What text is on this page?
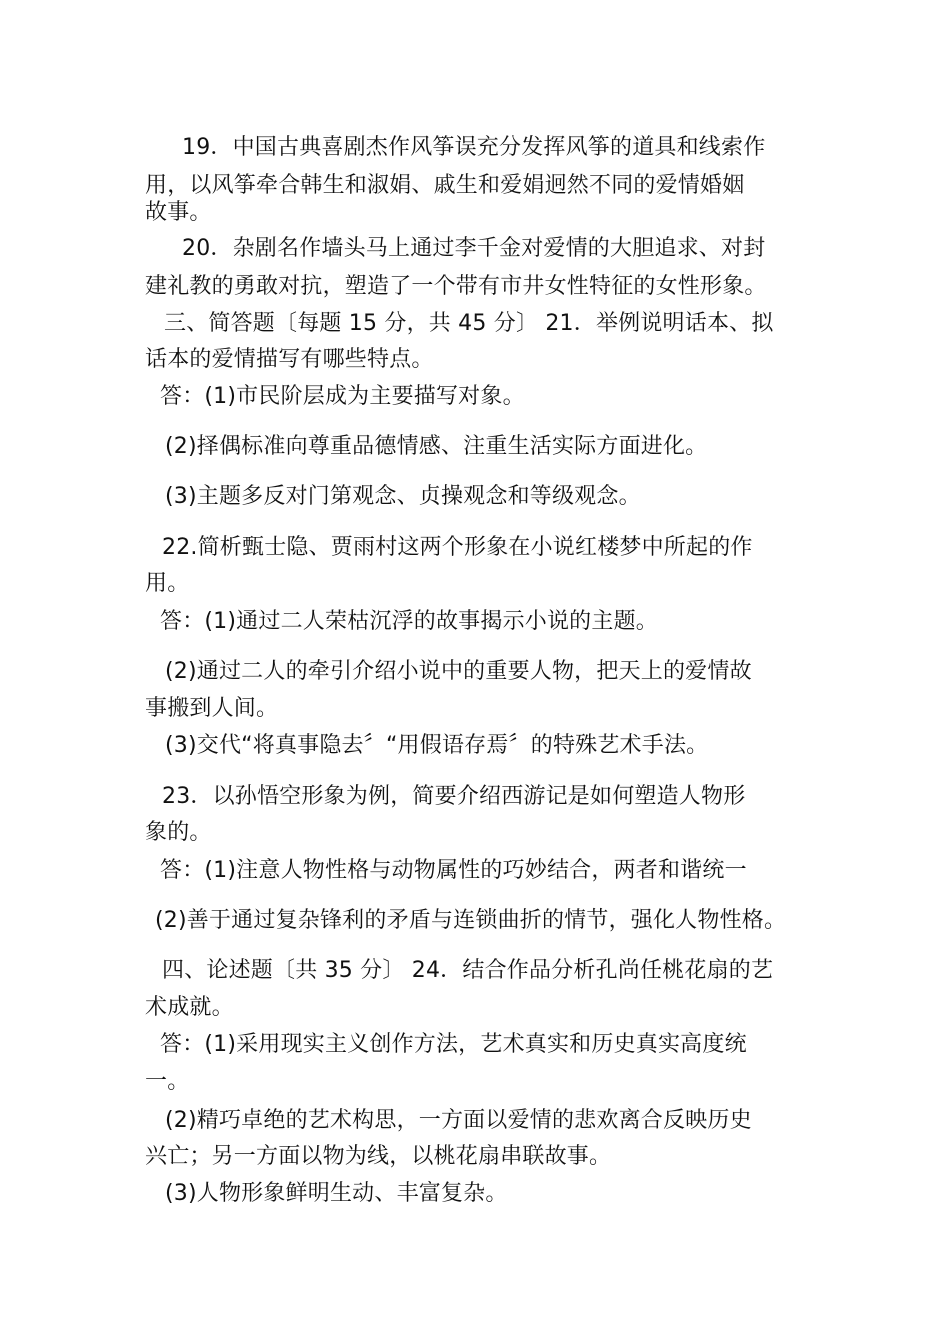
19．中国古典喜剧杰作风筝误充分发挥风筝的道具和线索作
用，以风筝牵合韩生和淑娟、戚生和爱娟迥然不同的爱情婚姻
故事。
20．杂剧名作墙头马上通过李千金对爱情的大胆追求、对封
建礼教的勇敢对抗，塑造了一个带有市井女性特征的女性形象。
三、简答题〔每题 15 分，共 45 分〕 21．举例说明话本、拟
话本的爱情描写有哪些特点。
答：(1)市民阶层成为主要描写对象。
(2)择偶标准向尊重品德情感、注重生活实际方面进化。
(3)主题多反对门第观念、贞操观念和等级观念。
22.简析甄士隐、贾雨村这两个形象在小说红楼梦中所起的作
用。
答：(1)通过二人荣枯沉浮的故事揭示小说的主题。
(2)通过二人的牵引介绍小说中的重要人物，把天上的爱情故
事搬到人间。
(3)交代“将真事隐去〞“用假语存焉〞的特殊艺术手法。
23．以孙悟空形象为例，简要介绍西游记是如何塑造人物形
象的。
答：(1)注意人物性格与动物属性的巧妙结合，两者和谐统一
(2)善于通过复杂锋利的矛盾与连锁曲折的情节，强化人物性格。
四、论述题〔共 35 分〕 24．结合作品分析孔尚任桃花扇的艺
术成就。
答：(1)采用现实主义创作方法，艺术真实和历史真实高度统
一。
(2)精巧卓绝的艺术构思，一方面以爱情的悲欢离合反映历史
兴亡；另一方面以物为线，以桃花扇串联故事。
(3)人物形象鲜明生动、丰富复杂。
